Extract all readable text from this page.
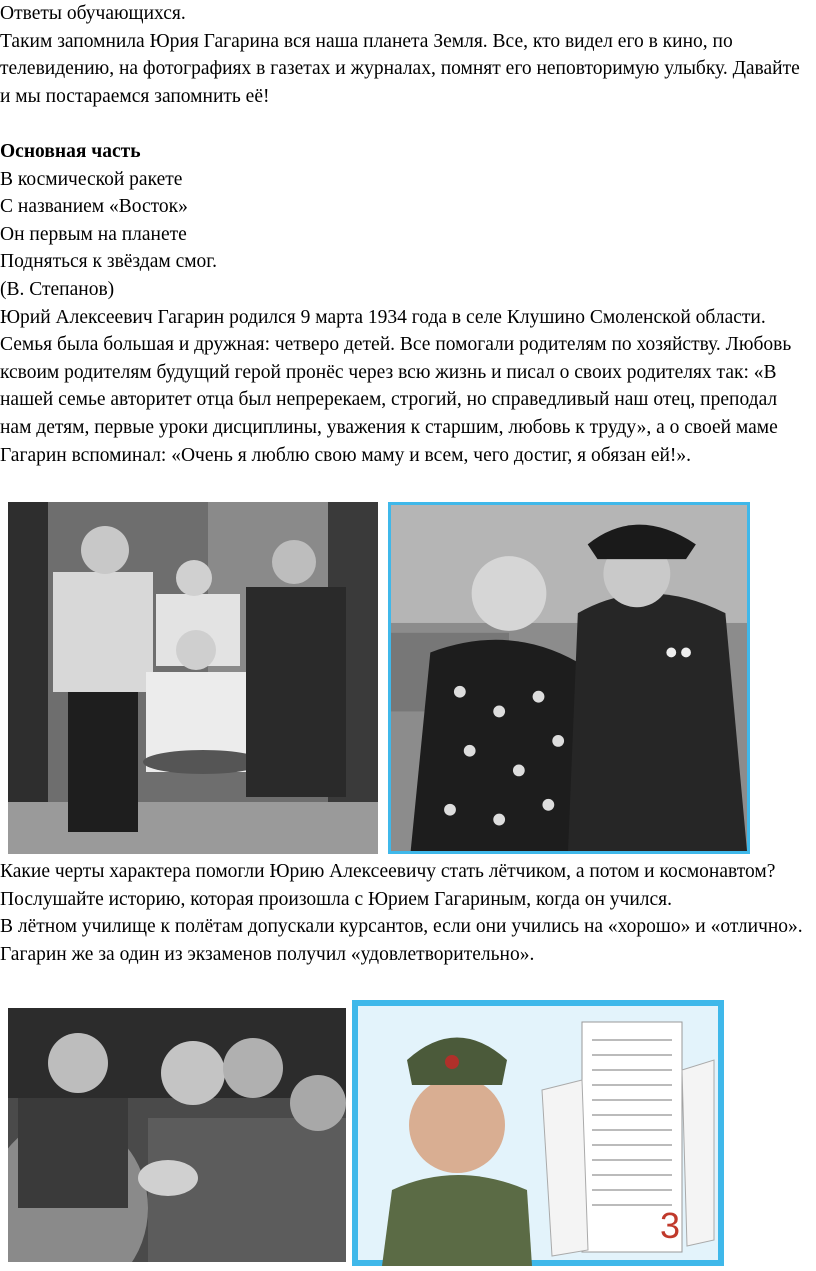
Ответы обучающихся.

Таким запомнила Юрия Гагарина вся наша планета Земля. Все, кто видел его в кино, по телевидению, на фотографиях в газетах и журналах, помнят его неповторимую улыбку. Давайте и мы постараемся запомнить её!

Основная часть

В космической ракете

С названием «Восток»

Он первым на планете

Подняться к звёздам смог.

(В. Степанов)

Юрий Алексеевич Гагарин родился 9 марта 1934 года в селе Клушино Смоленской области. Семья была большая и дружная: четверо детей. Все помогали родителям по хозяйству. Любовь ксвоим родителям будущий герой пронёс через всю жизнь и писал о своих родителях так: «В нашей семье авторитет отца был непререкаем, строгий, но справедливый наш отец, преподал нам детям, первые уроки дисциплины, уважения к старшим, любовь к труду», а о своей маме Гагарин вспоминал: «Очень я люблю свою маму и всем, чего достиг, я обязан ей!».

Какие черты характера помогли Юрию Алексеевичу стать лётчиком, а потом и космонавтом? Послушайте историю, которая произошла с Юрием Гагариным, когда он учился.

В лётном училище к полётам допускали курсантов, если они учились на «хорошо» и «отлично». Гагарин же за один из экзаменов получил «удовлетворительно».

3
